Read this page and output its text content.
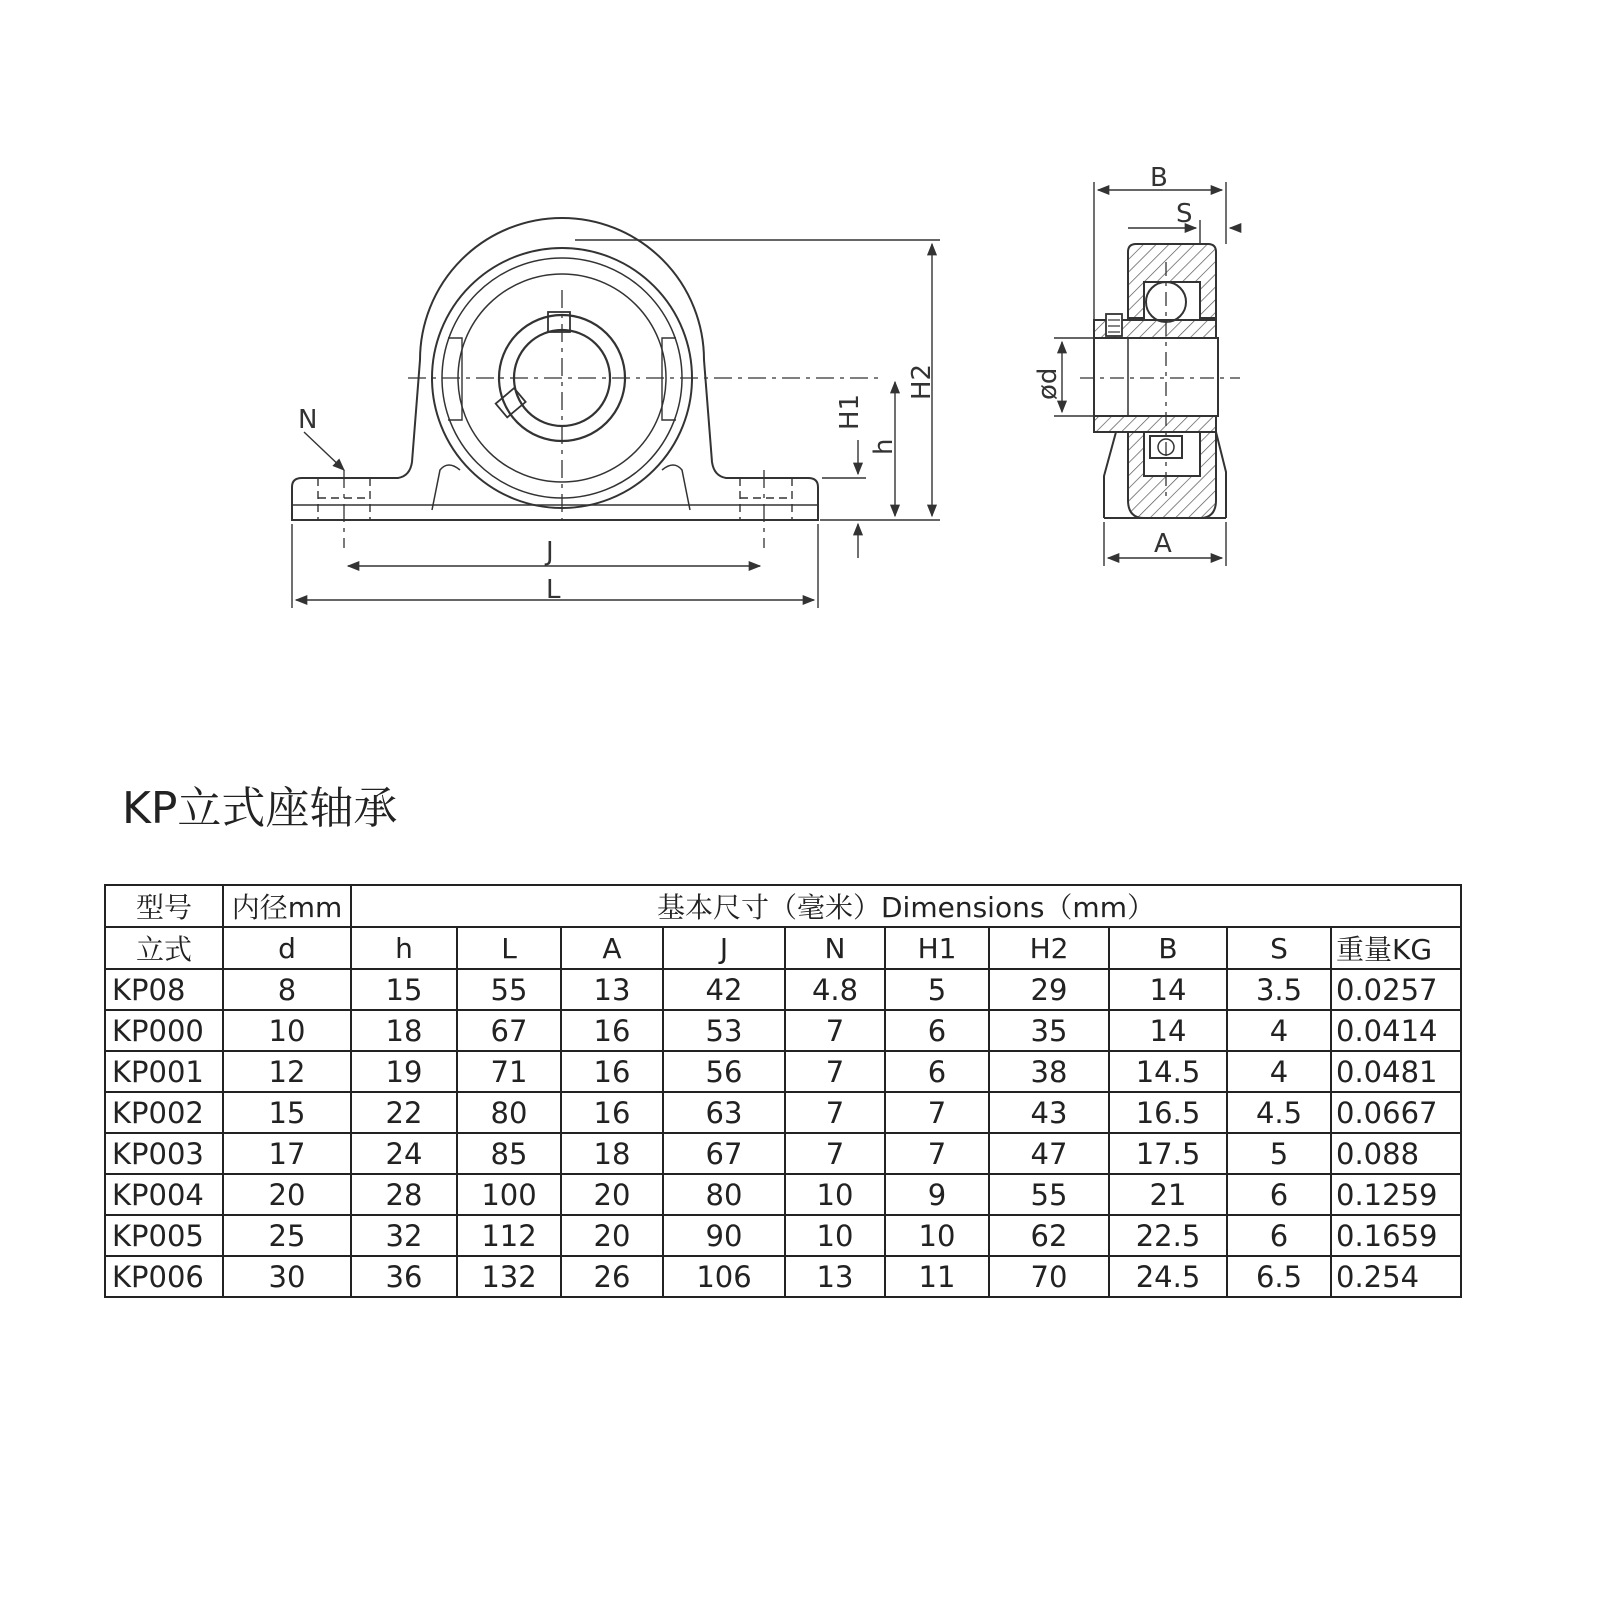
N	H1
h
H2
J
L
B
S
ød
A
KP立式座轴承
型号	内径mm	基本尺寸（毫米）Dimensions（mm）									
立式	d	h	L	A	J	N	H1	H2	B	S	重量KG
KP08	8	15	55	13	42	4.8	5	29	14	3.5	0.0257
KP000	10	18	67	16	53	7	6	35	14	4	0.0414
KP001	12	19	71	16	56	7	6	38	14.5	4	0.0481
KP002	15	22	80	16	63	7	7	43	16.5	4.5	0.0667
KP003	17	24	85	18	67	7	7	47	17.5	5	0.088
KP004	20	28	100	20	80	10	9	55	21	6	0.1259
KP005	25	32	112	20	90	10	10	62	22.5	6	0.1659
KP006	30	36	132	26	106	13	11	70	24.5	6.5	0.254
